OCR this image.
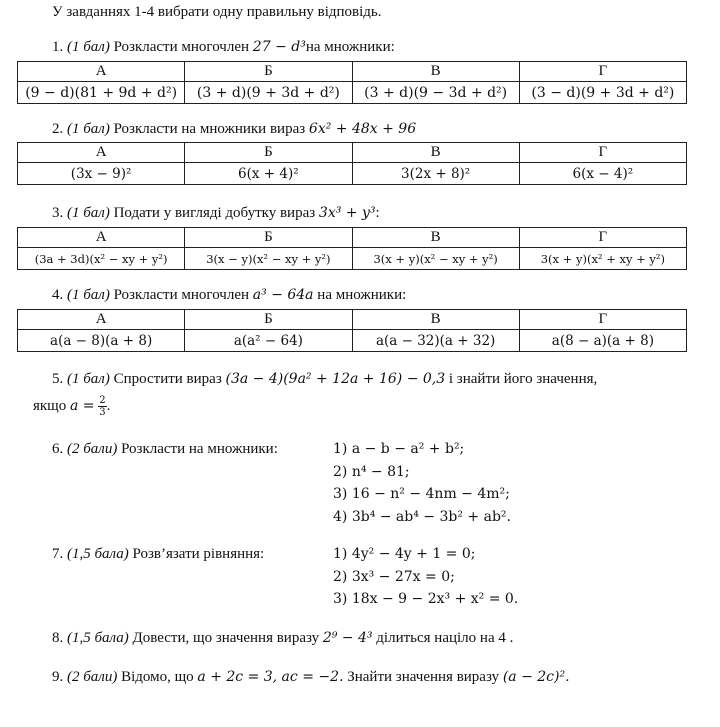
У завданнях 1-4 вибрати одну правильну відповідь.
1. (1 бал) Розкласти многочлен 27 − d³на множники:
А	Б	В	Г
(9 − d)(81 + 9d + d²)	(3 + d)(9 + 3d + d²)	(3 + d)(9 − 3d + d²)	(3 − d)(9 + 3d + d²)
2. (1 бал) Розкласти на множники вираз 6x² + 48x + 96
А	Б	В	Г
(3x − 9)²	6(x + 4)²	3(2x + 8)²	6(x − 4)²
3. (1 бал) Подати у вигляді добутку вираз 3x³ + y³:
А	Б	В	Г
(3a + 3d)(x² − xy + y²)	3(x − y)(x² − xy + y²)	3(x + y)(x² − xy + y²)	3(x + y)(x² + xy + y²)
4. (1 бал) Розкласти многочлен a³ − 64a на множники:
А	Б	В	Г
a(a − 8)(a + 8)	a(a² − 64)	a(a − 32)(a + 32)	a(8 − a)(a + 8)
5. (1 бал) Спростити вираз (3a − 4)(9a² + 12a + 16) − 0,3 і знайти його значення,
якщо $a = \frac{2}{3}$ .
6. (2 бали) Розкласти на множники:	1) a − b − a² + b²;
2) n⁴ − 81;
3) 16 − n² − 4nm − 4m²;
4) 3b⁴ − ab⁴ − 3b² + ab².
7. (1,5 бала) Розв’язати рівняння:	1) 4y² − 4y + 1 = 0;
2) 3x³ − 27x = 0;
3) 18x − 9 − 2x³ + x² = 0.
8. (1,5 бала) Довести, що значення виразу 2⁹ − 4³ ділиться націло на 4 .
9. (2 бали) Відомо, що a + 2c = 3, ac = −2. Знайти значення виразу (a − 2c)².
